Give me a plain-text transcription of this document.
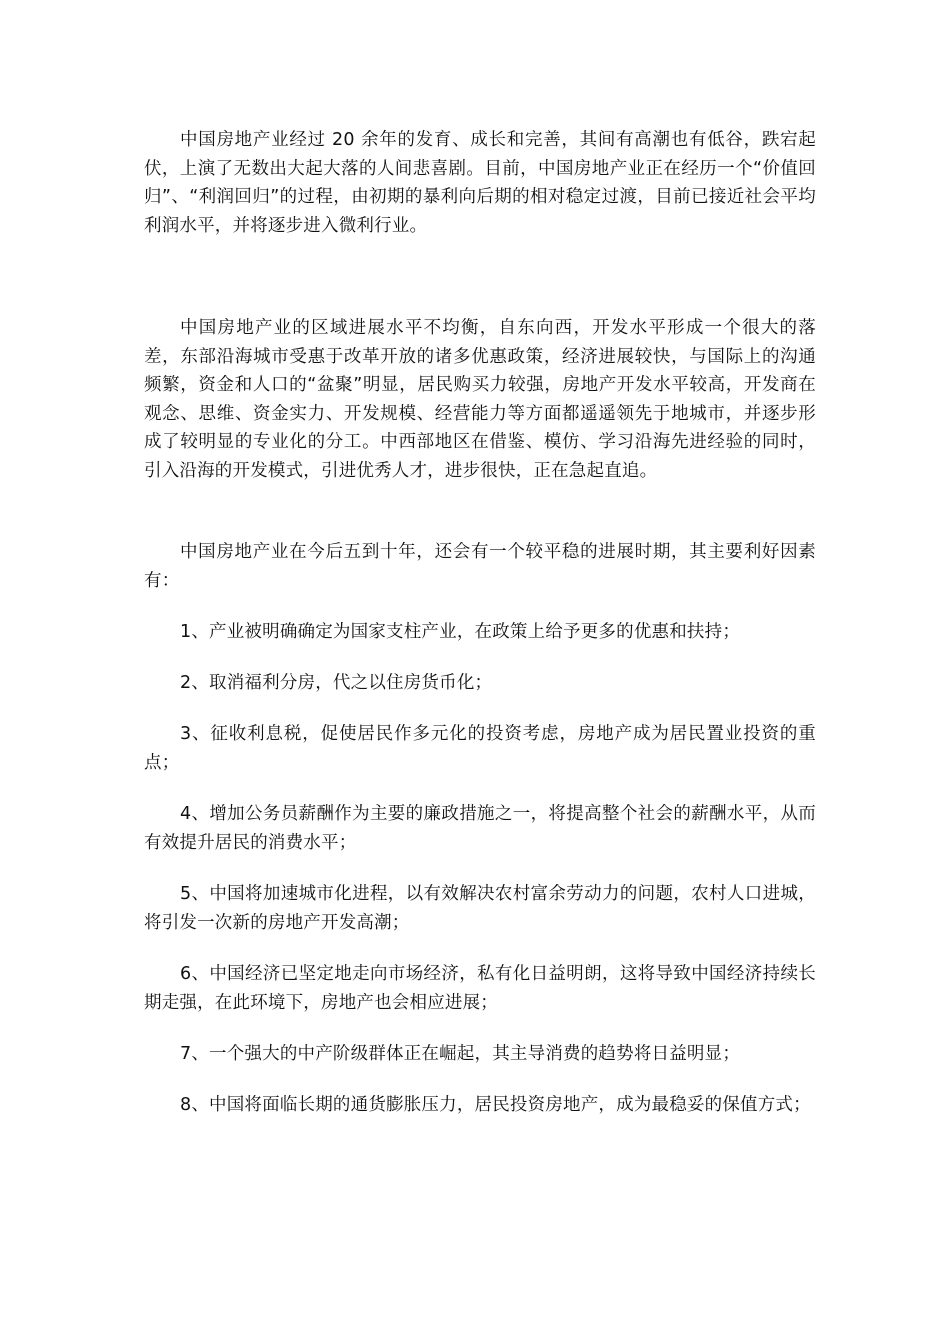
中国房地产业经过 20 余年的发育、成长和完善，其间有高潮也有低谷，跌宕起伏，上演了无数出大起大落的人间悲喜剧。目前，中国房地产业正在经历一个“价值回归”、“利润回归”的过程，由初期的暴利向后期的相对稳定过渡，目前已接近社会平均利润水平，并将逐步进入微利行业。

中国房地产业的区域进展水平不均衡，自东向西，开发水平形成一个很大的落差，东部沿海城市受惠于改革开放的诸多优惠政策，经济进展较快，与国际上的沟通频繁，资金和人口的“盆聚”明显，居民购买力较强，房地产开发水平较高，开发商在观念、思维、资金实力、开发规模、经营能力等方面都遥遥领先于地城市，并逐步形成了较明显的专业化的分工。中西部地区在借鉴、模仿、学习沿海先进经验的同时，引入沿海的开发模式，引进优秀人才，进步很快，正在急起直追。

中国房地产业在今后五到十年，还会有一个较平稳的进展时期，其主要利好因素有：

1、产业被明确确定为国家支柱产业，在政策上给予更多的优惠和扶持；

2、取消福利分房，代之以住房货币化；

3、征收利息税，促使居民作多元化的投资考虑，房地产成为居民置业投资的重点；

4、增加公务员薪酬作为主要的廉政措施之一，将提高整个社会的薪酬水平，从而有效提升居民的消费水平；

5、中国将加速城市化进程，以有效解决农村富余劳动力的问题，农村人口进城，将引发一次新的房地产开发高潮；

6、中国经济已坚定地走向市场经济，私有化日益明朗，这将导致中国经济持续长期走强，在此环境下，房地产也会相应进展；

7、一个强大的中产阶级群体正在崛起，其主导消费的趋势将日益明显；

8、中国将面临长期的通货膨胀压力，居民投资房地产，成为最稳妥的保值方式；
